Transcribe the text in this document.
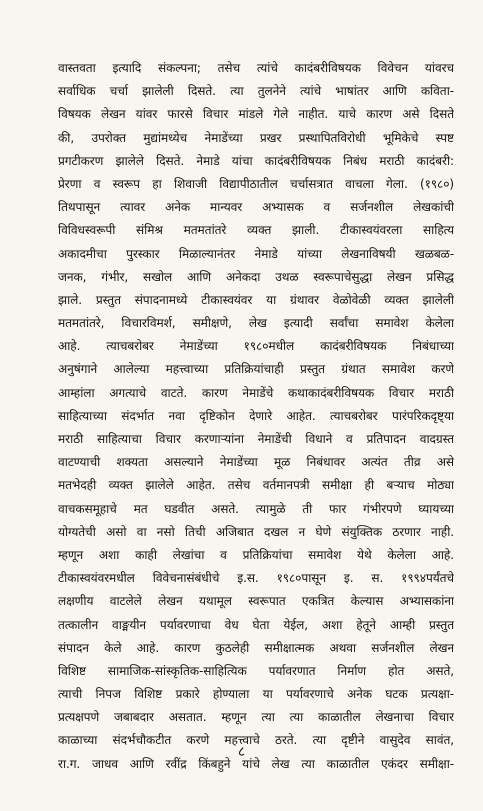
वास्तवता इत्यादि संकल्पना; तसेच त्यांचे कादंबरीविषयक विवेचन यांवरच
सर्वाधिक चर्चा झालेली दिसते. त्या तुलनेने त्यांचे भाषांतर आणि कविता-
विषयक लेखन यांवर फारसे विचार मांडले गेले नाहीत. याचे कारण असे दिसते
की, उपरोक्त मुद्यांमध्येच नेमाडेंच्या प्रखर प्रस्थापितविरोधी भूमिकेचे स्पष्ट
प्रगटीकरण झालेले दिसते. नेमाडे यांचा कादंबरीविषयक निबंध मराठी कादंबरी:
प्रेरणा व स्वरूप हा शिवाजी विद्यापीठातील चर्चासत्रात वाचला गेला. (१९८०)
तिथपासून त्यावर अनेक मान्यवर अभ्यासक व सर्जनशील लेखकांची
विविधस्वरूपी संमिश्र मतमतांतरे व्यक्त झाली. टीकास्वयंवरला साहित्य
अकादमीचा पुरस्कार मिळाल्यानंतर नेमाडे यांच्या लेखनाविषयी खळबळ-
जनक, गंभीर, सखोल आणि अनेकदा उथळ स्वरूपाचेसुद्धा लेखन प्रसिद्ध
झाले. प्रस्तुत संपादनामध्ये टीकास्वयंवर या ग्रंथावर वेळोवेळी व्यक्त झालेली
मतमतांतरे, विचारविमर्श, समीक्षणे, लेख इत्यादी सर्वांचा समावेश केलेला
आहे. त्याचबरोबर नेमाडेंच्या १९८०मधील कादंबरीविषयक निबंधाच्या
अनुषंगाने आलेल्या महत्त्वाच्या प्रतिक्रियांचाही प्रस्तुत ग्रंथात समावेश करणे
आम्हांला अगत्याचे वाटते. कारण नेमाडेंचे कथाकादंबरीविषयक विचार मराठी
साहित्याच्या संदर्भात नवा दृष्टिकोन देणारे आहेत. त्याचबरोबर पारंपरिकदृष्ट्या
मराठी साहित्याचा विचार करणाऱ्यांना नेमाडेंची विधाने व प्रतिपादन वादग्रस्त
वाटण्याची शक्यता असल्याने नेमाडेंच्या मूळ निबंधावर अत्यंत तीव्र असे
मतभेदही व्यक्त झालेले आहेत. तसेच वर्तमानपत्री समीक्षा ही बऱ्याच मोठ्या
वाचकसमूहाचे मत घडवीत असते. त्यामुळे ती फार गंभीरपणे घ्यायच्या
योग्यतेची असो वा नसो तिची अजिबात दखल न घेणे संयुक्तिक ठरणार नाही.
म्हणून अशा काही लेखांचा व प्रतिक्रियांचा समावेश येथे केलेला आहे.
टीकास्वयंवरमधील विवेचनासंबंधीचे इ.स. १९८०पासून इ. स. १९९४पर्यंतचे
लक्षणीय वाटलेले लेखन यथामूल स्वरूपात एकत्रित केल्यास अभ्यासकांना
तत्कालीन वाङ्मयीन पर्यावरणाचा वेध घेता येईल, अशा हेतूने आम्ही प्रस्तुत
संपादन केले आहे. कारण कुठलेही समीक्षात्मक अथवा सर्जनशील लेखन
विशिष्ट सामाजिक-सांस्कृतिक-साहित्यिक पर्यावरणात निर्माण होत असते,
त्याची निपज विशिष्ट प्रकारे होण्याला या पर्यावरणाचे अनेक घटक प्रत्यक्षा-
प्रत्यक्षपणे जबाबदार असतात. म्हणून त्या त्या काळातील लेखनाचा विचार
काळाच्या संदर्भचौकटीत करणे महत्त्वाचे ठरते. त्या दृष्टीने वासुदेव सावंत,
रा.ग. जाधव आणि रवींद्र किंबहुने यांचे लेख त्या काळातील एकंदर समीक्षा-
८
